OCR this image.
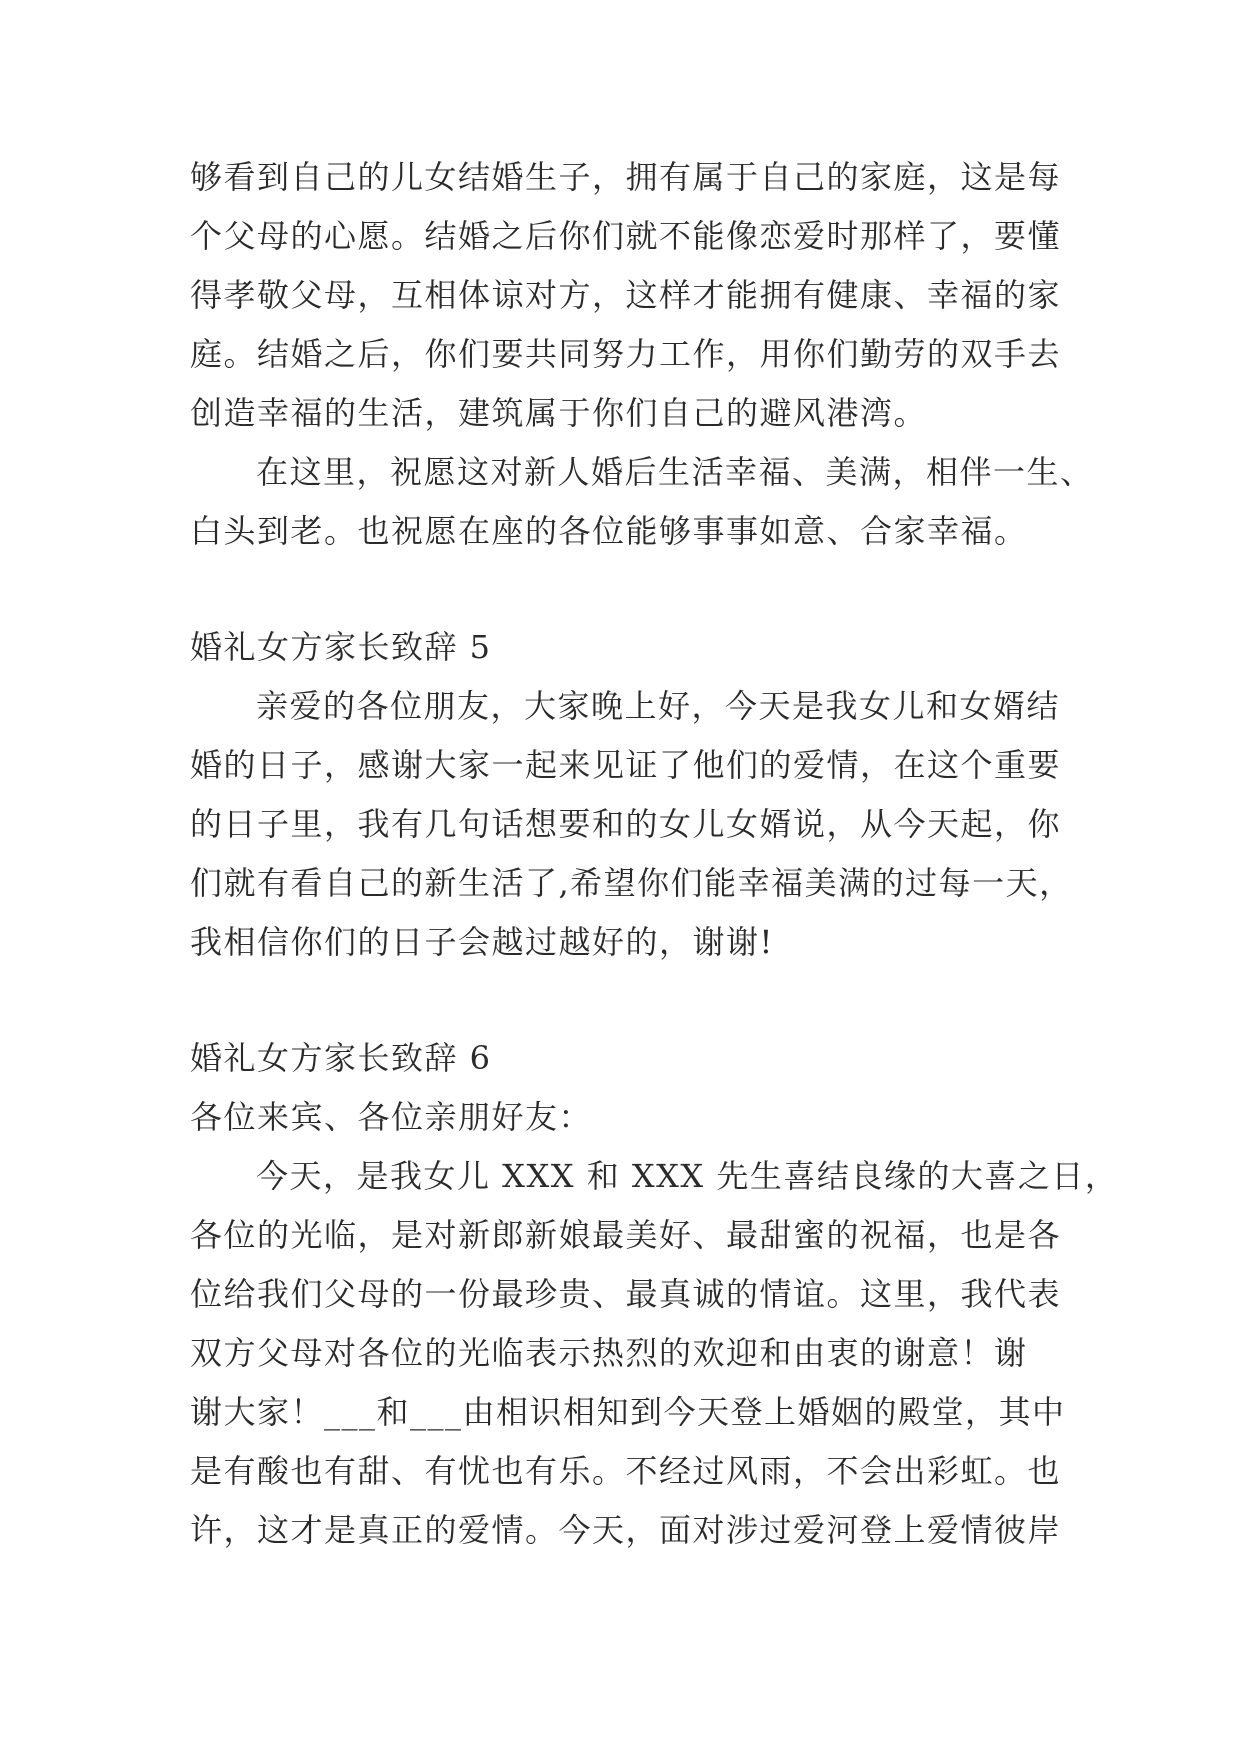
够看到自己的儿女结婚生子，拥有属于自己的家庭，这是每
个父母的心愿。结婚之后你们就不能像恋爱时那样了，要懂
得孝敬父母，互相体谅对方，这样才能拥有健康、幸福的家
庭。结婚之后，你们要共同努力工作，用你们勤劳的双手去
创造幸福的生活，建筑属于你们自己的避风港湾。
在这里，祝愿这对新人婚后生活幸福、美满，相伴一生、
白头到老。也祝愿在座的各位能够事事如意、合家幸福。
婚礼女方家长致辞 5
亲爱的各位朋友，大家晚上好，今天是我女儿和女婿结
婚的日子，感谢大家一起来见证了他们的爱情，在这个重要
的日子里，我有几句话想要和的女儿女婿说，从今天起，你
们就有看自己的新生活了,希望你们能幸福美满的过每一天，
我相信你们的日子会越过越好的，谢谢!
婚礼女方家长致辞 6
各位来宾、各位亲朋好友：
今天，是我女儿 XXX 和 XXX 先生喜结良缘的大喜之日，
各位的光临，是对新郎新娘最美好、最甜蜜的祝福，也是各
位给我们父母的一份最珍贵、最真诚的情谊。这里，我代表
双方父母对各位的光临表示热烈的欢迎和由衷的谢意！谢
谢大家！___和___由相识相知到今天登上婚姻的殿堂，其中
是有酸也有甜、有忧也有乐。不经过风雨，不会出彩虹。也
许，这才是真正的爱情。今天，面对涉过爱河登上爱情彼岸
